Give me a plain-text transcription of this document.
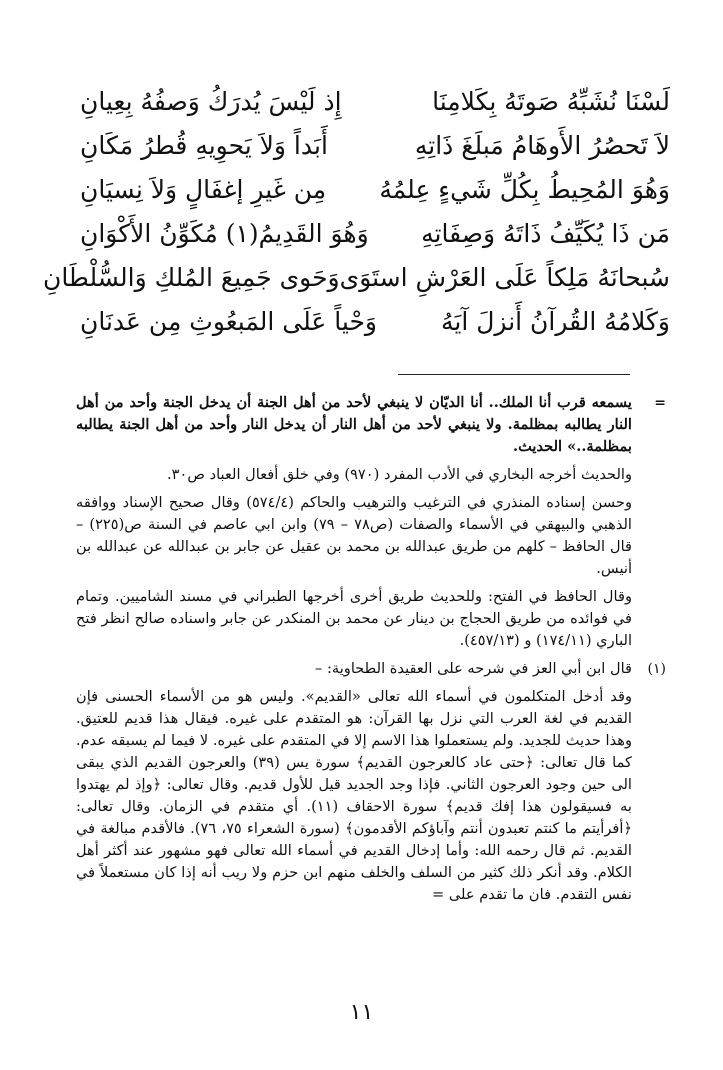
لَسْنَا نُشَبِّهُ صَوتَهُ بِكَلامِنَا
إِذ لَيْسَ يُدرَكُ وَصفُهُ بِعِيانِ
لاَ تَحصُرُ الأَوهَامُ مَبلَغَ ذَاتِهِ
أَبَداً وَلاَ يَحوِيهِ قُطرُ مَكَانِ
وَهُوَ المُحِيطُ بِكُلِّ شَيءٍ عِلمُهُ
مِن غَيرِ إغفَالٍ وَلاَ نِسيَانِ
مَن ذَا يُكَيِّفُ ذَاتَهُ وَصِفَاتِهِ
وَهُوَ القَدِيمُ(١) مُكَوِّنُ الأَكْوَانِ
سُبحانَهُ مَلِكاً عَلَى العَرْشِ استَوَى
وَحَوى جَمِيعَ المُلكِ وَالسُّلْطَانِ
وَكَلامُهُ القُرآنُ أَنزلَ آيَهُ
وَحْياً عَلَى المَبعُوثِ مِن عَدنَانِ

=
يسمعه قرب أنا الملك.. أنا الديّان لا ينبغي لأحد من أهل الجنة أن يدخل الجنة وأحد من أهل النار يطالبه بمظلمة. ولا ينبغي لأحد من أهل النار أن يدخل النار وأحد من أهل الجنة يطالبه بمظلمة..» الحديث.

والحديث أخرجه البخاري في الأدب المفرد (٩٧٠) وفي خلق أفعال العباد ص٣٠.

وحسن إسناده المنذري في الترغيب والترهيب والحاكم (٥٧٤/٤) وقال صحيح الإسناد ووافقه الذهبي والبيهقي في الأسماء والصفات (ص٧٨ – ٧٩) وابن ابي عاصم في السنة ص(٢٢٥) – قال الحافظ – كلهم من طريق عبدالله بن محمد بن عقيل عن جابر بن عبدالله عن عبدالله بن أنيس.

وقال الحافظ في الفتح: وللحديث طريق أخرى أخرجها الطبراني في مسند الشاميين. وتمام في فوائده من طريق الحجاج بن دينار عن محمد بن المنكدر عن جابر واسناده صالح انظر فتح الباري (١٧٤/١١) و (٤٥٧/١٣).

(١)
قال ابن أبي العز في شرحه على العقيدة الطحاوية: –

وقد أدخل المتكلمون في أسماء الله تعالى «القديم». وليس هو من الأسماء الحسنى فإن القديم في لغة العرب التي نزل بها القرآن: هو المتقدم على غيره. فيقال هذا قديم للعتيق. وهذا حديث للجديد. ولم يستعملوا هذا الاسم إلا في المتقدم على غيره. لا فيما لم يسبقه عدم. كما قال تعالى: ﴿حتى عاد كالعرجون القديم﴾ سورة يس (٣٩) والعرجون القديم الذي يبقى الى حين وجود العرجون الثاني. فإذا وجد الجديد قيل للأول قديم. وقال تعالى: ﴿وإذ لم يهتدوا به فسيقولون هذا إفك قديم﴾ سورة الاحقاف (١١). أي متقدم في الزمان. وقال تعالى: ﴿أفرأيتم ما كنتم تعبدون أنتم وآباؤكم الأقدمون﴾ (سورة الشعراء ٧٥، ٧٦). فالأقدم مبالغة في القديم. ثم قال رحمه الله: وأما إدخال القديم في أسماء الله تعالى فهو مشهور عند أكثر أهل الكلام. وقد أنكر ذلك كثير من السلف والخلف منهم ابن حزم ولا ريب أنه إذا كان مستعملاً في نفس التقدم. فان ما تقدم على =

١١
